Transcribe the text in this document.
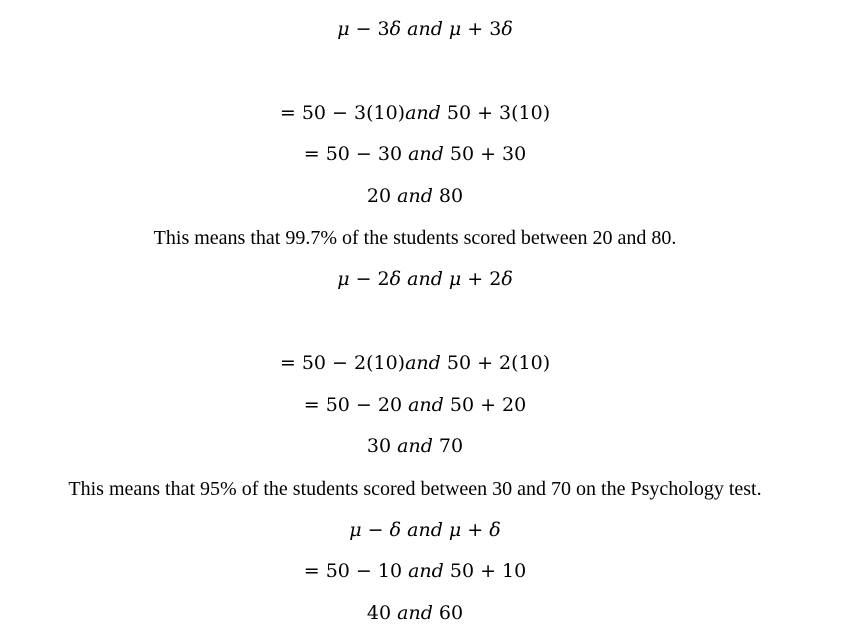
μ − 3δ and μ + 3δ
= 50 − 3(10)and 50 + 3(10)
= 50 − 30 and 50 + 30
20 and 80
This means that 99.7% of the students scored between 20 and 80.
μ − 2δ and μ + 2δ
= 50 − 2(10)and 50 + 2(10)
= 50 − 20 and 50 + 20
30 and 70
This means that 95% of the students scored between 30 and 70 on the Psychology test.
μ − δ and μ + δ
= 50 − 10 and 50 + 10
40 and 60
